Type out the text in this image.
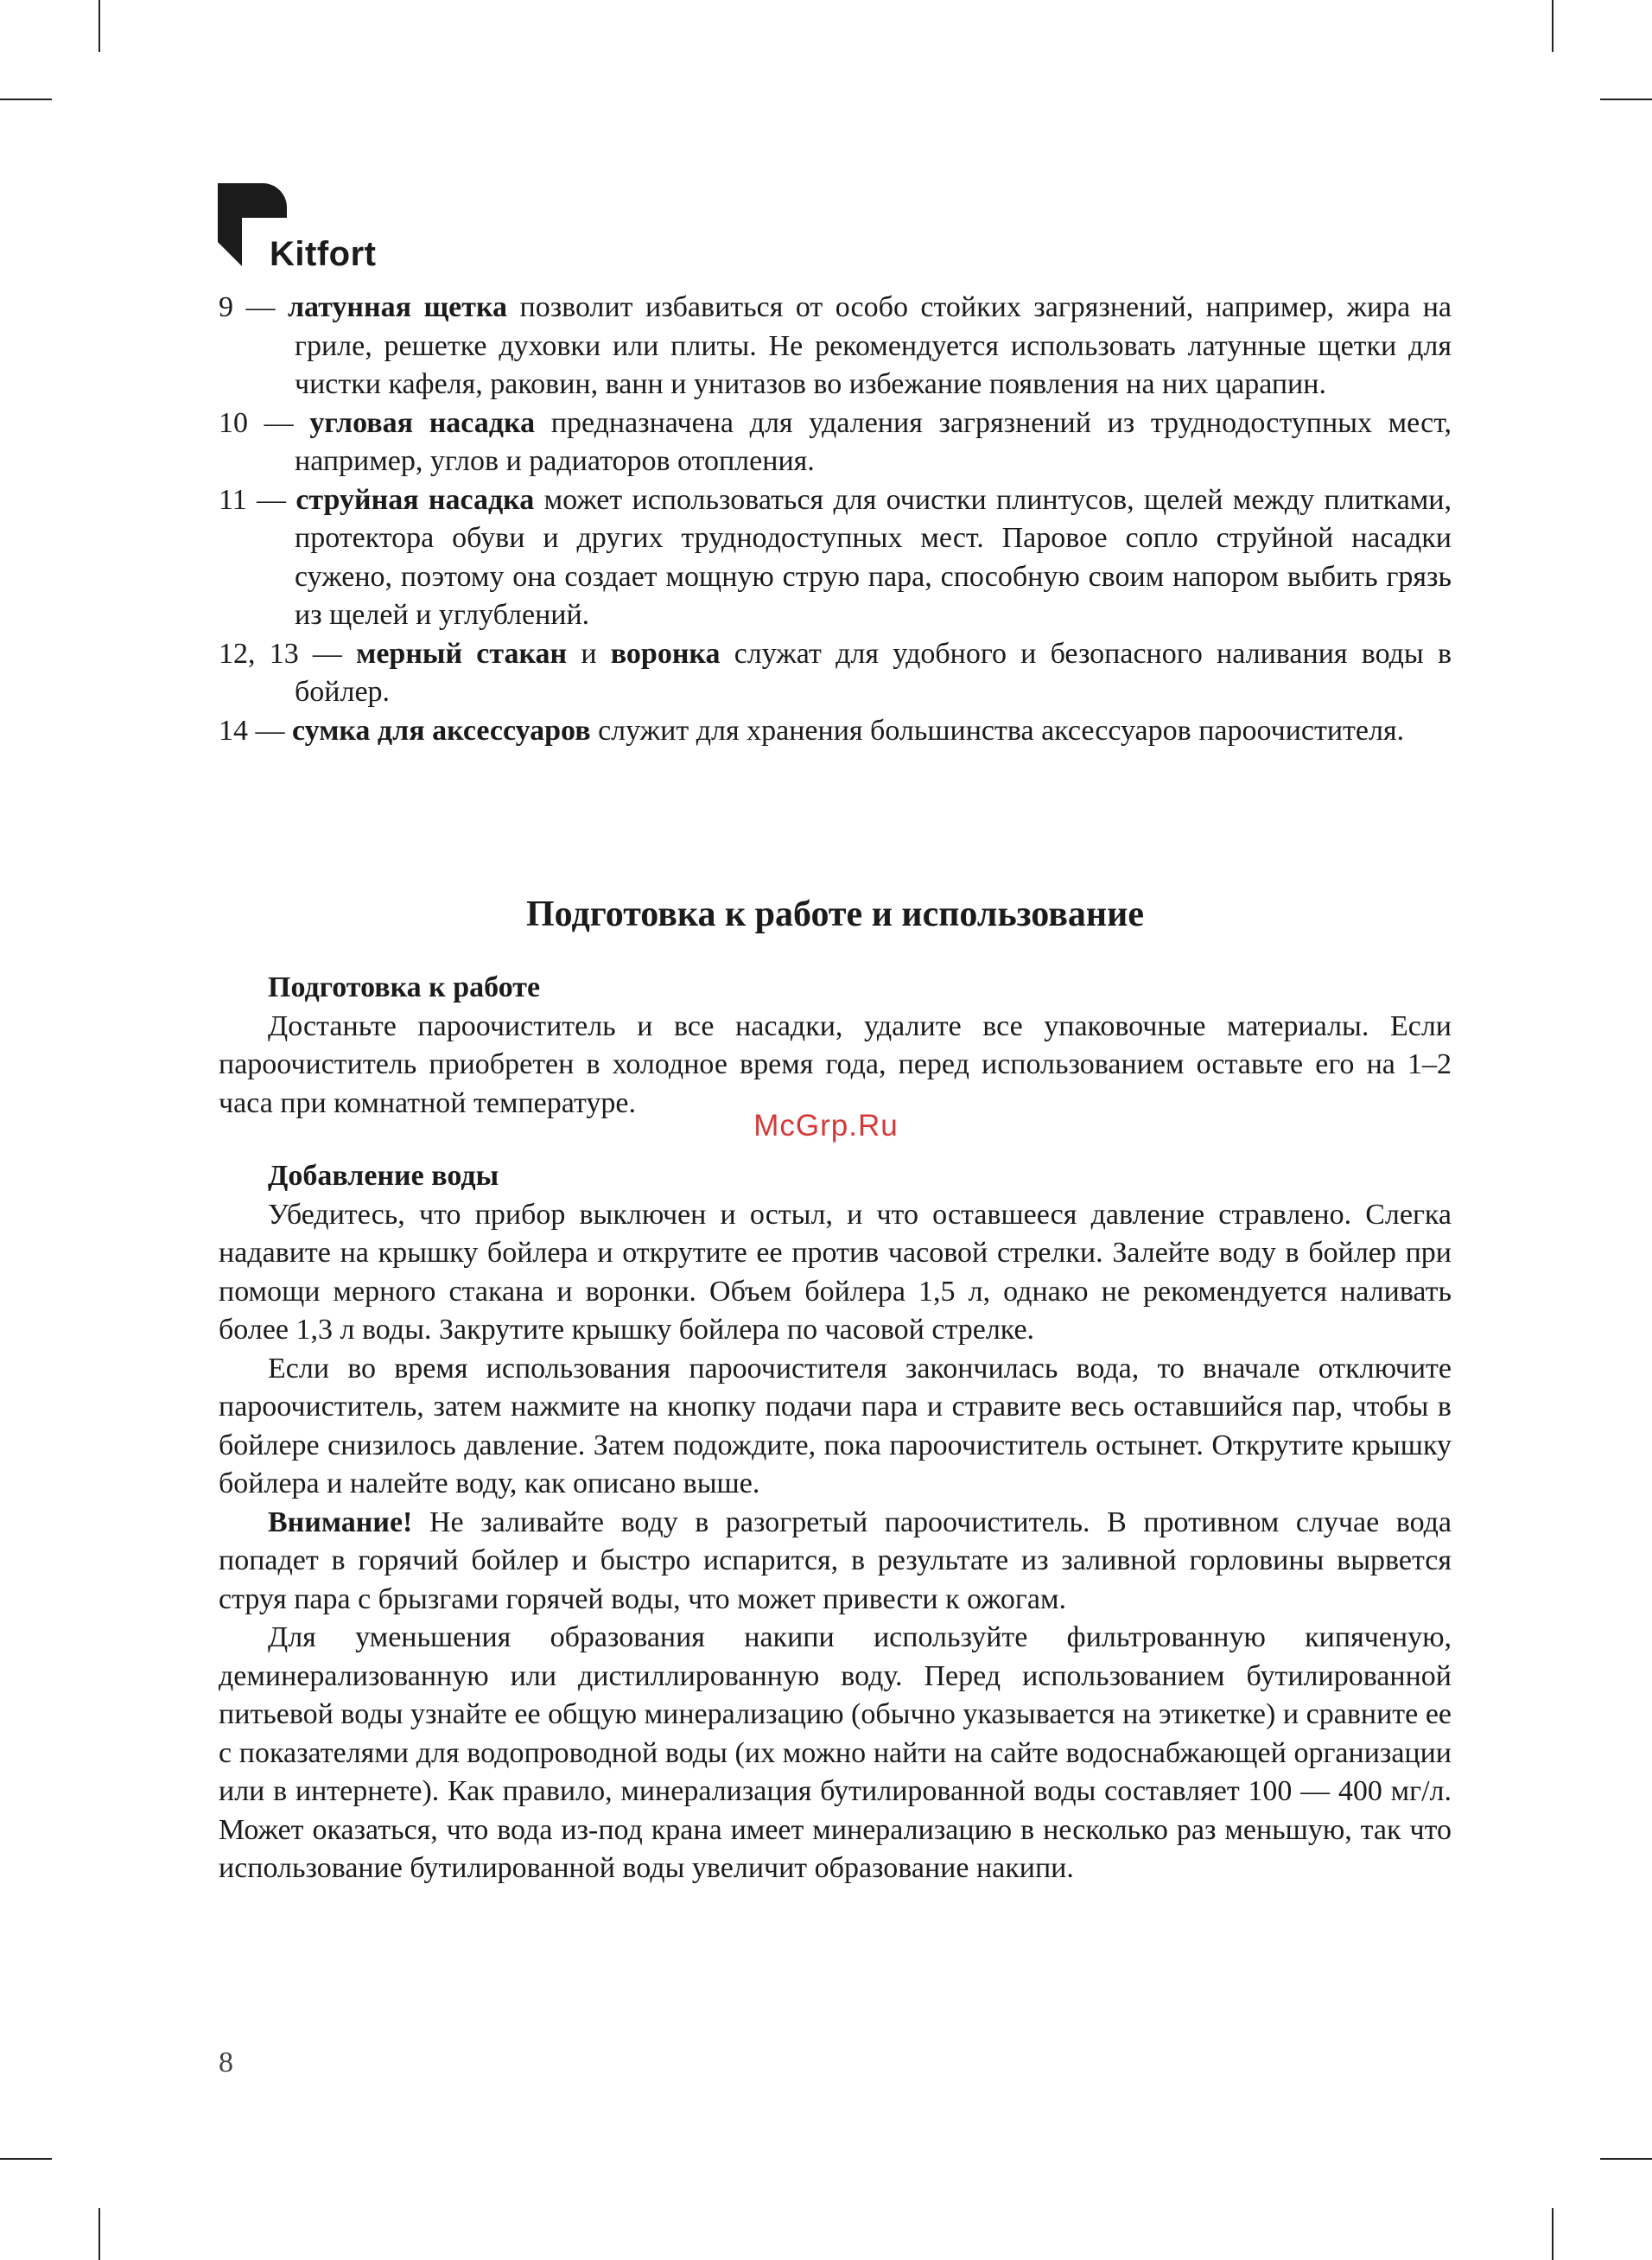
Kitfort
9 — латунная щетка позволит избавиться от особо стойких загрязнений, например, жира на гриле, решетке духовки или плиты. Не рекомендуется использовать латунные щетки для чистки кафеля, раковин, ванн и унитазов во избежание появления на них царапин.
10 — угловая насадка предназначена для удаления загрязнений из труднодоступных мест, например, углов и радиаторов отопления.
11 — струйная насадка может использоваться для очистки плинтусов, щелей между плитками, протектора обуви и других труднодоступных мест. Паровое сопло струйной насадки сужено, поэтому она создает мощную струю пара, способную своим напором выбить грязь из щелей и углублений.
12, 13 — мерный стакан и воронка служат для удобного и безопасного наливания воды в бойлер.
14 — сумка для аксессуаров служит для хранения большинства аксессуаров пароочистителя.
Подготовка к работе и использование

Подготовка к работе

Достаньте пароочиститель и все насадки, удалите все упаковочные материалы. Если пароочиститель приобретен в холодное время года, перед использованием оставьте его на 1–2 часа при комнатной температуре.

McGrp.Ru

Добавление воды

Убедитесь, что прибор выключен и остыл, и что оставшееся давление стравлено. Слегка надавите на крышку бойлера и открутите ее против часовой стрелки. Залейте воду в бойлер при помощи мерного стакана и воронки. Объем бойлера 1,5 л, однако не рекомендуется наливать более 1,3 л воды. Закрутите крышку бойлера по часовой стрелке.

Если во время использования пароочистителя закончилась вода, то вначале отключите пароочиститель, затем нажмите на кнопку подачи пара и стравите весь оставшийся пар, чтобы в бойлере снизилось давление. Затем подождите, пока пароочиститель остынет. Открутите крышку бойлера и налейте воду, как описано выше.

Внимание! Не заливайте воду в разогретый пароочиститель. В противном случае вода попадет в горячий бойлер и быстро испарится, в результате из заливной горловины вырвется струя пара с брызгами горячей воды, что может привести к ожогам.

Для уменьшения образования накипи используйте фильтрованную кипяченую, деминерализованную или дистиллированную воду. Перед использованием бутилированной питьевой воды узнайте ее общую минерализацию (обычно указывается на этикетке) и сравните ее с показателями для водопроводной воды (их можно найти на сайте водоснабжающей организации или в интернете). Как правило, минерализация бутилированной воды составляет 100 — 400 мг/л. Может оказаться, что вода из-под крана имеет минерализацию в несколько раз меньшую, так что использование бутилированной воды увеличит образование накипи.

8
